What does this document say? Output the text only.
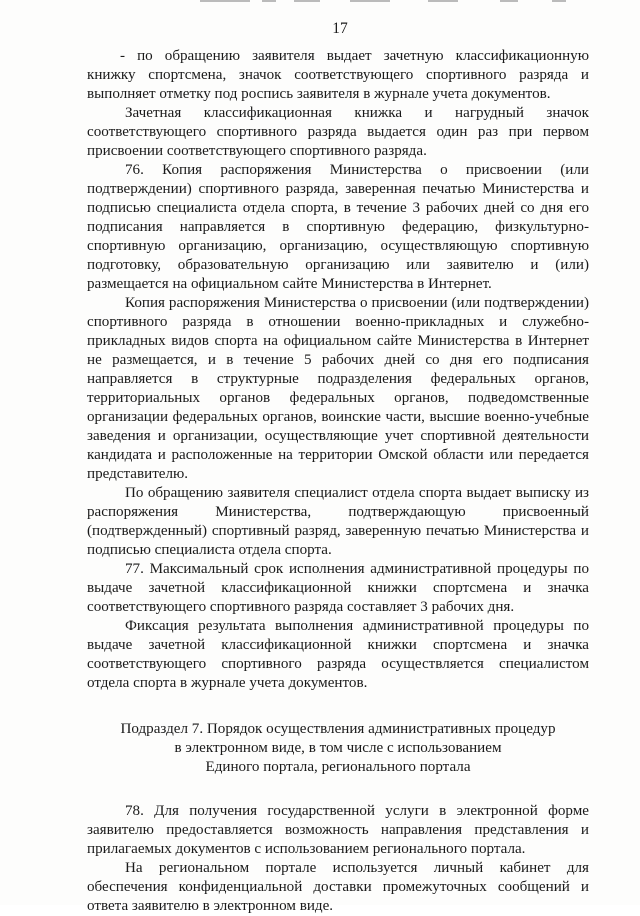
17

- по обращению заявителя выдает зачетную классификационную книжку спортсмена, значок соответствующего спортивного разряда и выполняет отметку под роспись заявителя в журнале учета документов.

Зачетная классификационная книжка и нагрудный значок соответствующего спортивного разряда выдается один раз при первом присвоении соответствующего спортивного разряда.

76. Копия распоряжения Министерства о присвоении (или подтверждении) спортивного разряда, заверенная печатью Министерства и подписью специалиста отдела спорта, в течение 3 рабочих дней со дня его подписания направляется в спортивную федерацию, физкультурно-спортивную организацию, организацию, осуществляющую спортивную подготовку, образовательную организацию или заявителю и (или) размещается на официальном сайте Министерства в Интернет.

Копия распоряжения Министерства о присвоении (или подтверждении) спортивного разряда в отношении военно-прикладных и служебно-прикладных видов спорта на официальном сайте Министерства в Интернет не размещается, и в течение 5 рабочих дней со дня его подписания направляется в структурные подразделения федеральных органов, территориальных органов федеральных органов, подведомственные организации федеральных органов, воинские части, высшие военно-учебные заведения и организации, осуществляющие учет спортивной деятельности кандидата и расположенные на территории Омской области или передается представителю.

По обращению заявителя специалист отдела спорта выдает выписку из распоряжения Министерства, подтверждающую присвоенный (подтвержденный) спортивный разряд, заверенную печатью Министерства и подписью специалиста отдела спорта.

77. Максимальный срок исполнения административной процедуры по выдаче зачетной классификационной книжки спортсмена и значка соответствующего спортивного разряда составляет 3 рабочих дня.

Фиксация результата выполнения административной процедуры по выдаче зачетной классификационной книжки спортсмена и значка соответствующего спортивного разряда осуществляется специалистом отдела спорта в журнале учета документов.

Подраздел 7. Порядок осуществления административных процедур
в электронном виде, в том числе с использованием
Единого портала, регионального портала

78. Для получения государственной услуги в электронной форме заявителю предоставляется возможность направления представления и прилагаемых документов с использованием регионального портала.

На региональном портале используется личный кабинет для обеспечения конфиденциальной доставки промежуточных сообщений и ответа заявителю в электронном виде.
